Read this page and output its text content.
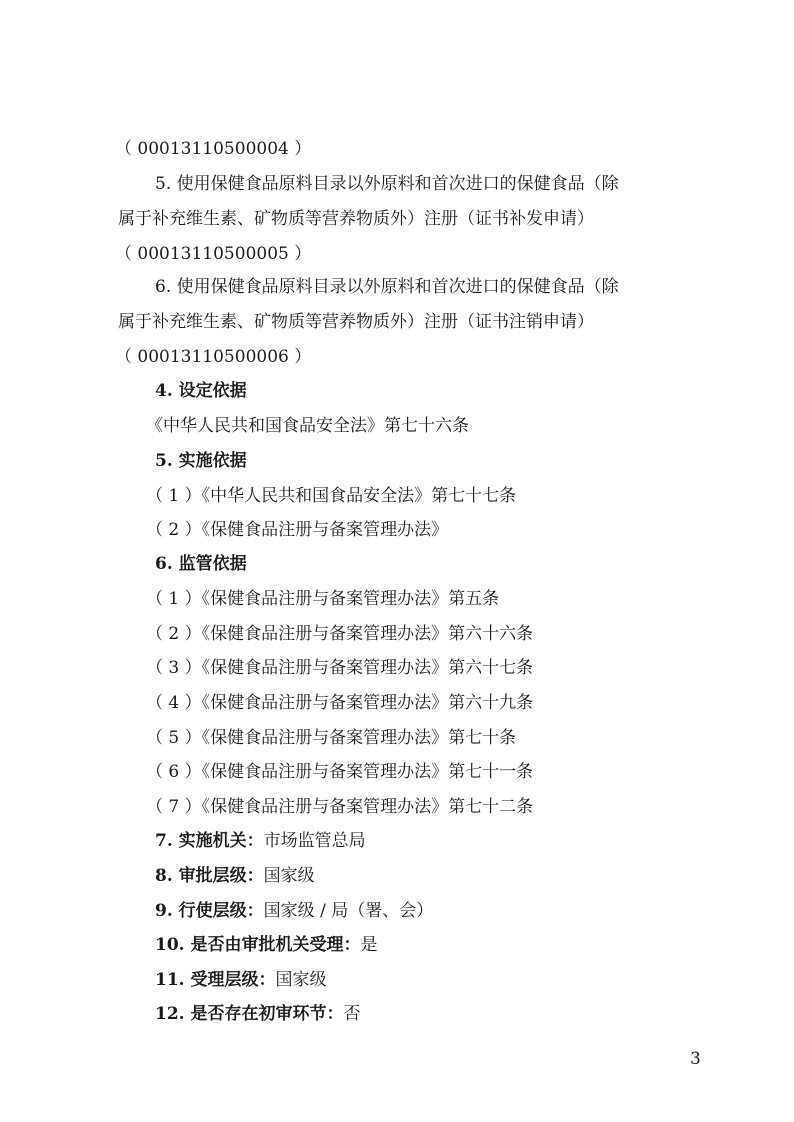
（ 00013110500004 ）
5. 使用保健食品原料目录以外原料和首次进口的保健食品（除
属于补充维生素、矿物质等营养物质外）注册（证书补发申请）
（ 00013110500005 ）
6. 使用保健食品原料目录以外原料和首次进口的保健食品（除
属于补充维生素、矿物质等营养物质外）注册（证书注销申请）
（ 00013110500006 ）
4. 设定依据
《中华人民共和国食品安全法》第七十六条
5. 实施依据
（ 1 ）《中华人民共和国食品安全法》第七十七条
（ 2 ）《保健食品注册与备案管理办法》
6. 监管依据
（ 1 ）《保健食品注册与备案管理办法》第五条
（ 2 ）《保健食品注册与备案管理办法》第六十六条
（ 3 ）《保健食品注册与备案管理办法》第六十七条
（ 4 ）《保健食品注册与备案管理办法》第六十九条
（ 5 ）《保健食品注册与备案管理办法》第七十条
（ 6 ）《保健食品注册与备案管理办法》第七十一条
（ 7 ）《保健食品注册与备案管理办法》第七十二条
7. 实施机关：市场监管总局
8. 审批层级：国家级
9. 行使层级：国家级 / 局（署、会）
10. 是否由审批机关受理：是
11. 受理层级：国家级
12. 是否存在初审环节：否
3
